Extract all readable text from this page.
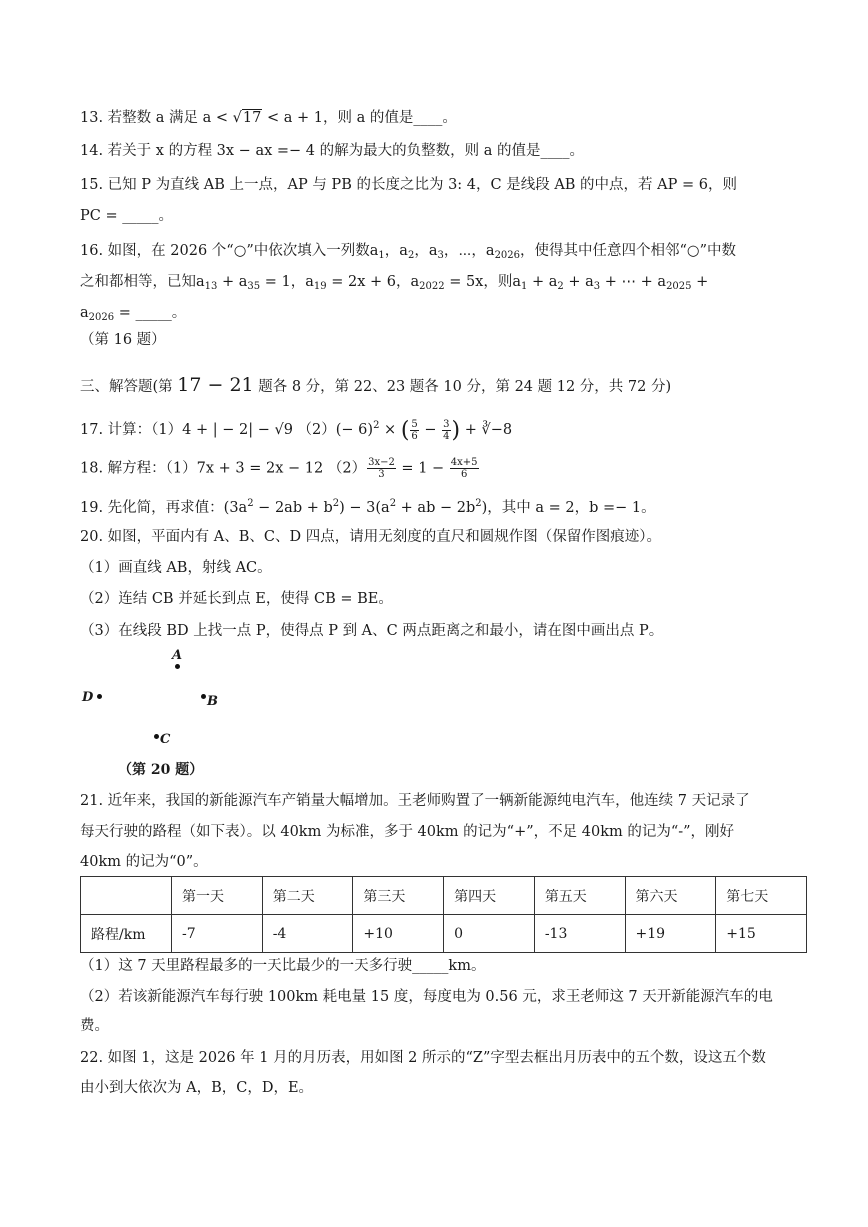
13. 若整数 a 满足 a < √17 < a + 1，则 a 的值是____。
14. 若关于 x 的方程 3x − ax =− 4 的解为最大的负整数，则 a 的值是____。
15. 已知 P 为直线 AB 上一点，AP 与 PB 的长度之比为 3: 4，C 是线段 AB 的中点，若 AP = 6，则
PC = _____。
16. 如图，在 2026 个“○”中依次填入一列数$a_1$，$a_2$，$a_3$，⋯，$a_{2026}$，使得其中任意四个相邻“○”中数
之和都相等，已知$a_{13} + a_{35} = 1$，$a_{19} = 2x + 6$，$a_{2022} = 5x$，则$a_1 + a_2 + a_3$ + ⋯ + $a_{2025}$ +
$a_{2026}$ = _____。
（第 16 题）
三、解答题(第 17 − 21 题各 8 分，第 22、23 题各 10 分，第 24 题 12 分，共 72 分)
17. 计算：（1）4 + | − 2| − √9 $(2)(- 6)^2$ × ( $\frac{5}{6} - \frac{3}{4}$ ) + ∛−8
18. 解方程：（1）7x + 3 = 2x − 12 $(2) \frac{3x-2}{3} = 1 - \frac{4x+5}{6}$
19. 先化简，再求值：$(3a^2 - 2ab + b^2) - 3(a^2$ + ab − $2b^2$)，其中 a = 2，b =− 1。
20. 如图，平面内有 A、B、C、D 四点，请用无刻度的直尺和圆规作图（保留作图痕迹）。
（1）画直线 AB，射线 AC。
（2）连结 CB 并延长到点 E，使得 CB = BE。
（3）在线段 BD 上找一点 P，使得点 P 到 A、C 两点距离之和最小，请在图中画出点 P。
A
D	B
C
（第 20 题）
21. 近年来，我国的新能源汽车产销量大幅增加。王老师购置了一辆新能源纯电汽车，他连续 7 天记录了
每天行驶的路程（如下表）。以 40km 为标准，多于 40km 的记为“+”，不足 40km 的记为“-”，刚好
40km 的记为“0”。
	第一天	第二天	第三天	第四天	第五天	第六天	第七天
路程/km	-7	-4	+10	0	-13	+19	+15
（1）这 7 天里路程最多的一天比最少的一天多行驶_____km。
（2）若该新能源汽车每行驶 100km 耗电量 15 度，每度电为 0.56 元，求王老师这 7 天开新能源汽车的电
费。
22. 如图 1，这是 2026 年 1 月的月历表，用如图 2 所示的“Z”字型去框出月历表中的五个数，设这五个数
由小到大依次为 A，B，C，D，E。
